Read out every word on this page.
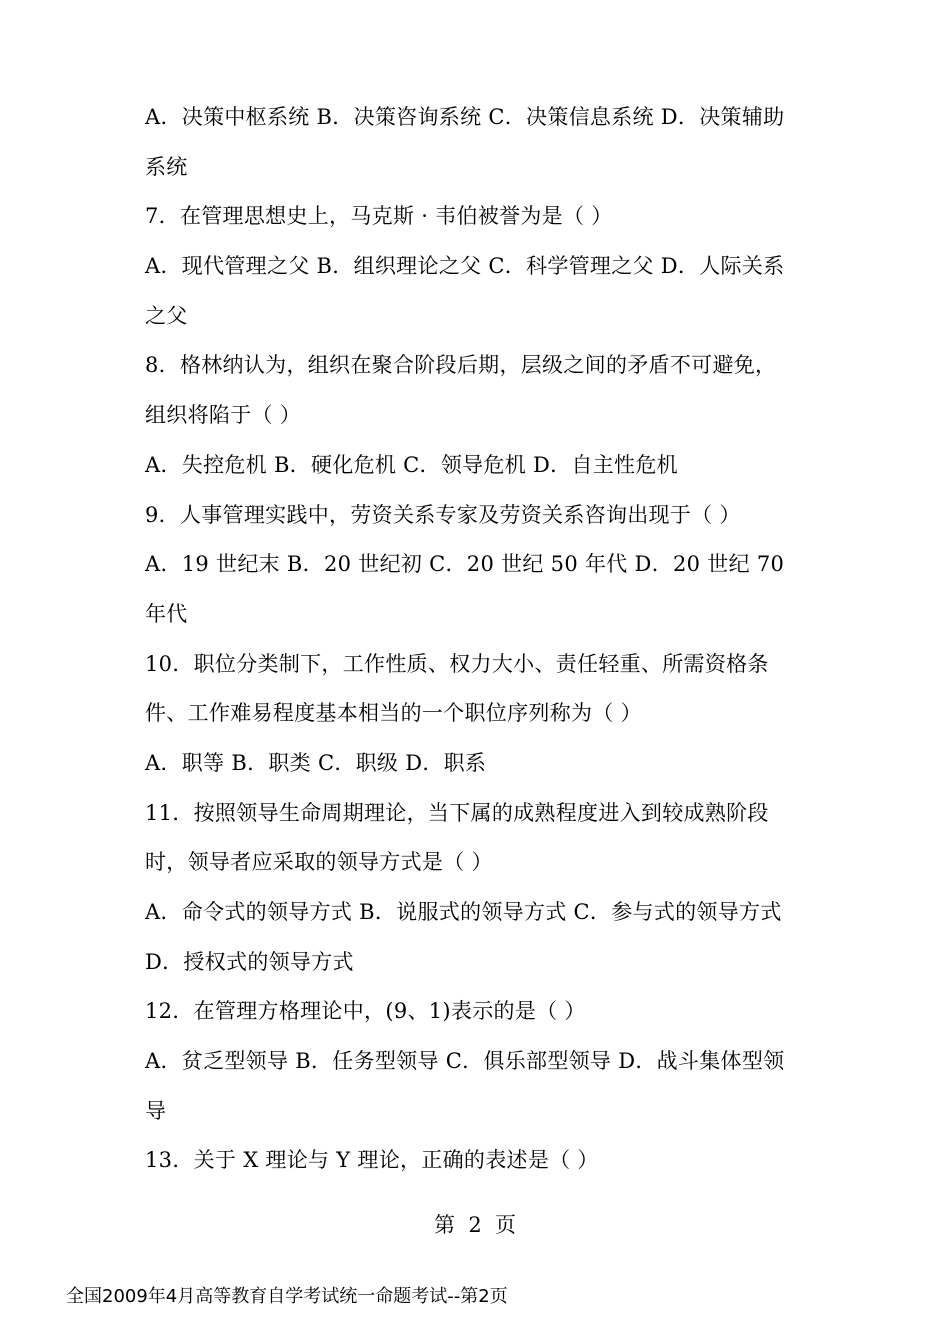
A．决策中枢系统 B．决策咨询系统 C．决策信息系统 D．决策辅助
系统
7．在管理思想史上，马克斯 · 韦伯被誉为是（ ）
A．现代管理之父 B．组织理论之父 C．科学管理之父 D．人际关系
之父
8．格林纳认为，组织在聚合阶段后期，层级之间的矛盾不可避免，
组织将陷于（ ）
A．失控危机 B．硬化危机 C．领导危机 D．自主性危机
9．人事管理实践中，劳资关系专家及劳资关系咨询出现于（ ）
A．19 世纪末 B．20 世纪初 C．20 世纪 50 年代 D．20 世纪 70
年代
10．职位分类制下，工作性质、权力大小、责任轻重、所需资格条
件、工作难易程度基本相当的一个职位序列称为（ ）
A．职等 B．职类 C．职级 D．职系
11．按照领导生命周期理论，当下属的成熟程度进入到较成熟阶段
时，领导者应采取的领导方式是（ ）
A．命令式的领导方式 B．说服式的领导方式 C．参与式的领导方式
D．授权式的领导方式
12．在管理方格理论中，(9、1)表示的是（ ）
A．贫乏型领导 B．任务型领导 C．俱乐部型领导 D．战斗集体型领
导
13．关于 X 理论与 Y 理论，正确的表述是（ ）
第  2  页
全国2009年4月高等教育自学考试统一命题考试--第2页
